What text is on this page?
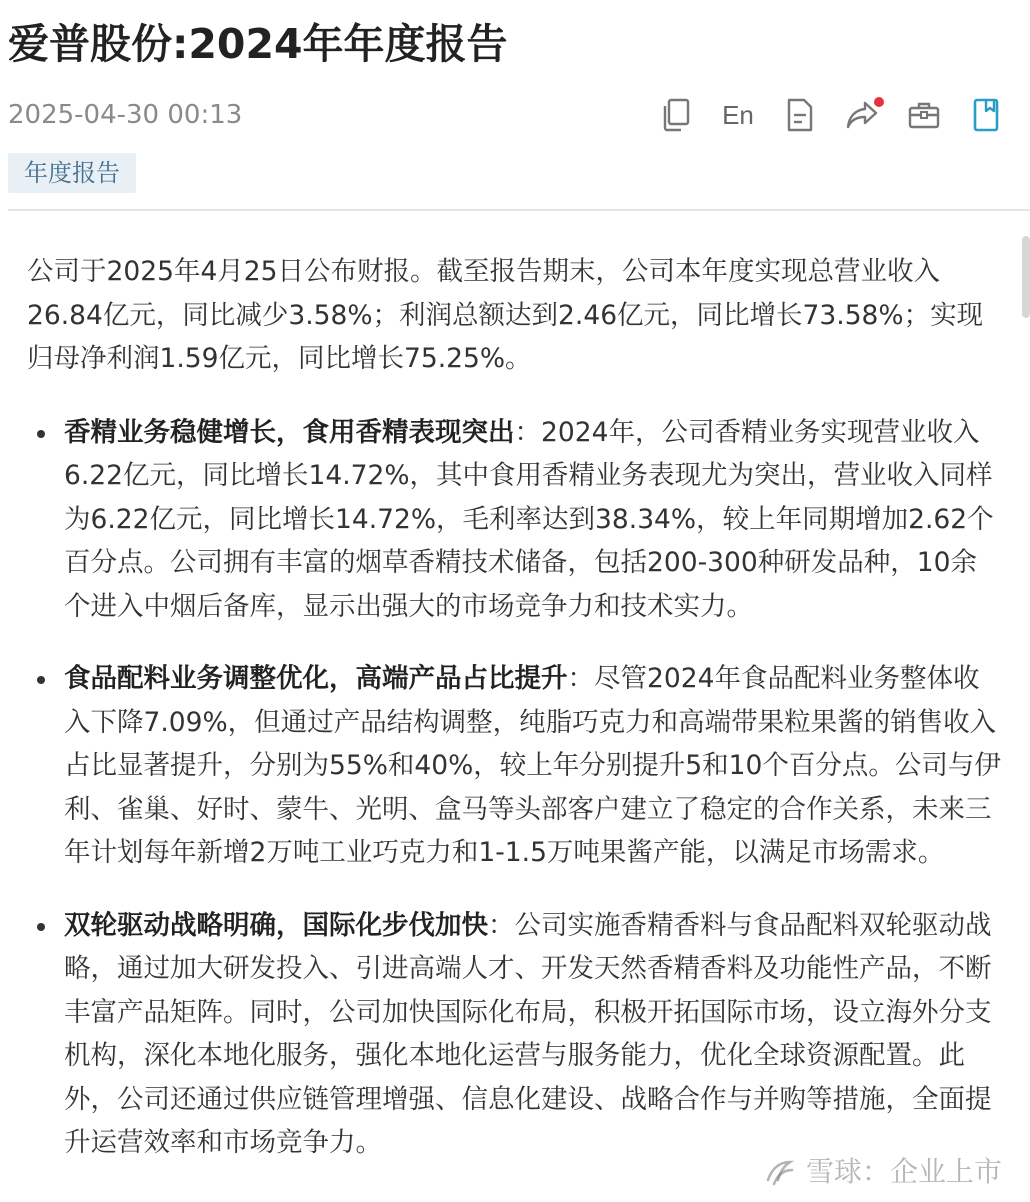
爱普股份:2024年年度报告
2025-04-30 00:13	En
年度报告

公司于2025年4月25日公布财报。截至报告期末，公司本年度实现总营业收入26.84亿元，同比减少3.58%；利润总额达到2.46亿元，同比增长73.58%；实现归母净利润1.59亿元，同比增长75.25%。

香精业务稳健增长，食用香精表现突出：2024年，公司香精业务实现营业收入6.22亿元，同比增长14.72%，其中食用香精业务表现尤为突出，营业收入同样为6.22亿元，同比增长14.72%，毛利率达到38.34%，较上年同期增加2.62个百分点。公司拥有丰富的烟草香精技术储备，包括200-300种研发品种，10余个进入中烟后备库，显示出强大的市场竞争力和技术实力。
食品配料业务调整优化，高端产品占比提升：尽管2024年食品配料业务整体收入下降7.09%，但通过产品结构调整，纯脂巧克力和高端带果粒果酱的销售收入占比显著提升，分别为55%和40%，较上年分别提升5和10个百分点。公司与伊利、雀巢、好时、蒙牛、光明、盒马等头部客户建立了稳定的合作关系，未来三年计划每年新增2万吨工业巧克力和1-1.5万吨果酱产能，以满足市场需求。
双轮驱动战略明确，国际化步伐加快：公司实施香精香料与食品配料双轮驱动战略，通过加大研发投入、引进高端人才、开发天然香精香料及功能性产品，不断丰富产品矩阵。同时，公司加快国际化布局，积极开拓国际市场，设立海外分支机构，深化本地化服务，强化本地化运营与服务能力，优化全球资源配置。此外，公司还通过供应链管理增强、信息化建设、战略合作与并购等措施，全面提升运营效率和市场竞争力。
雪球：企业上市
